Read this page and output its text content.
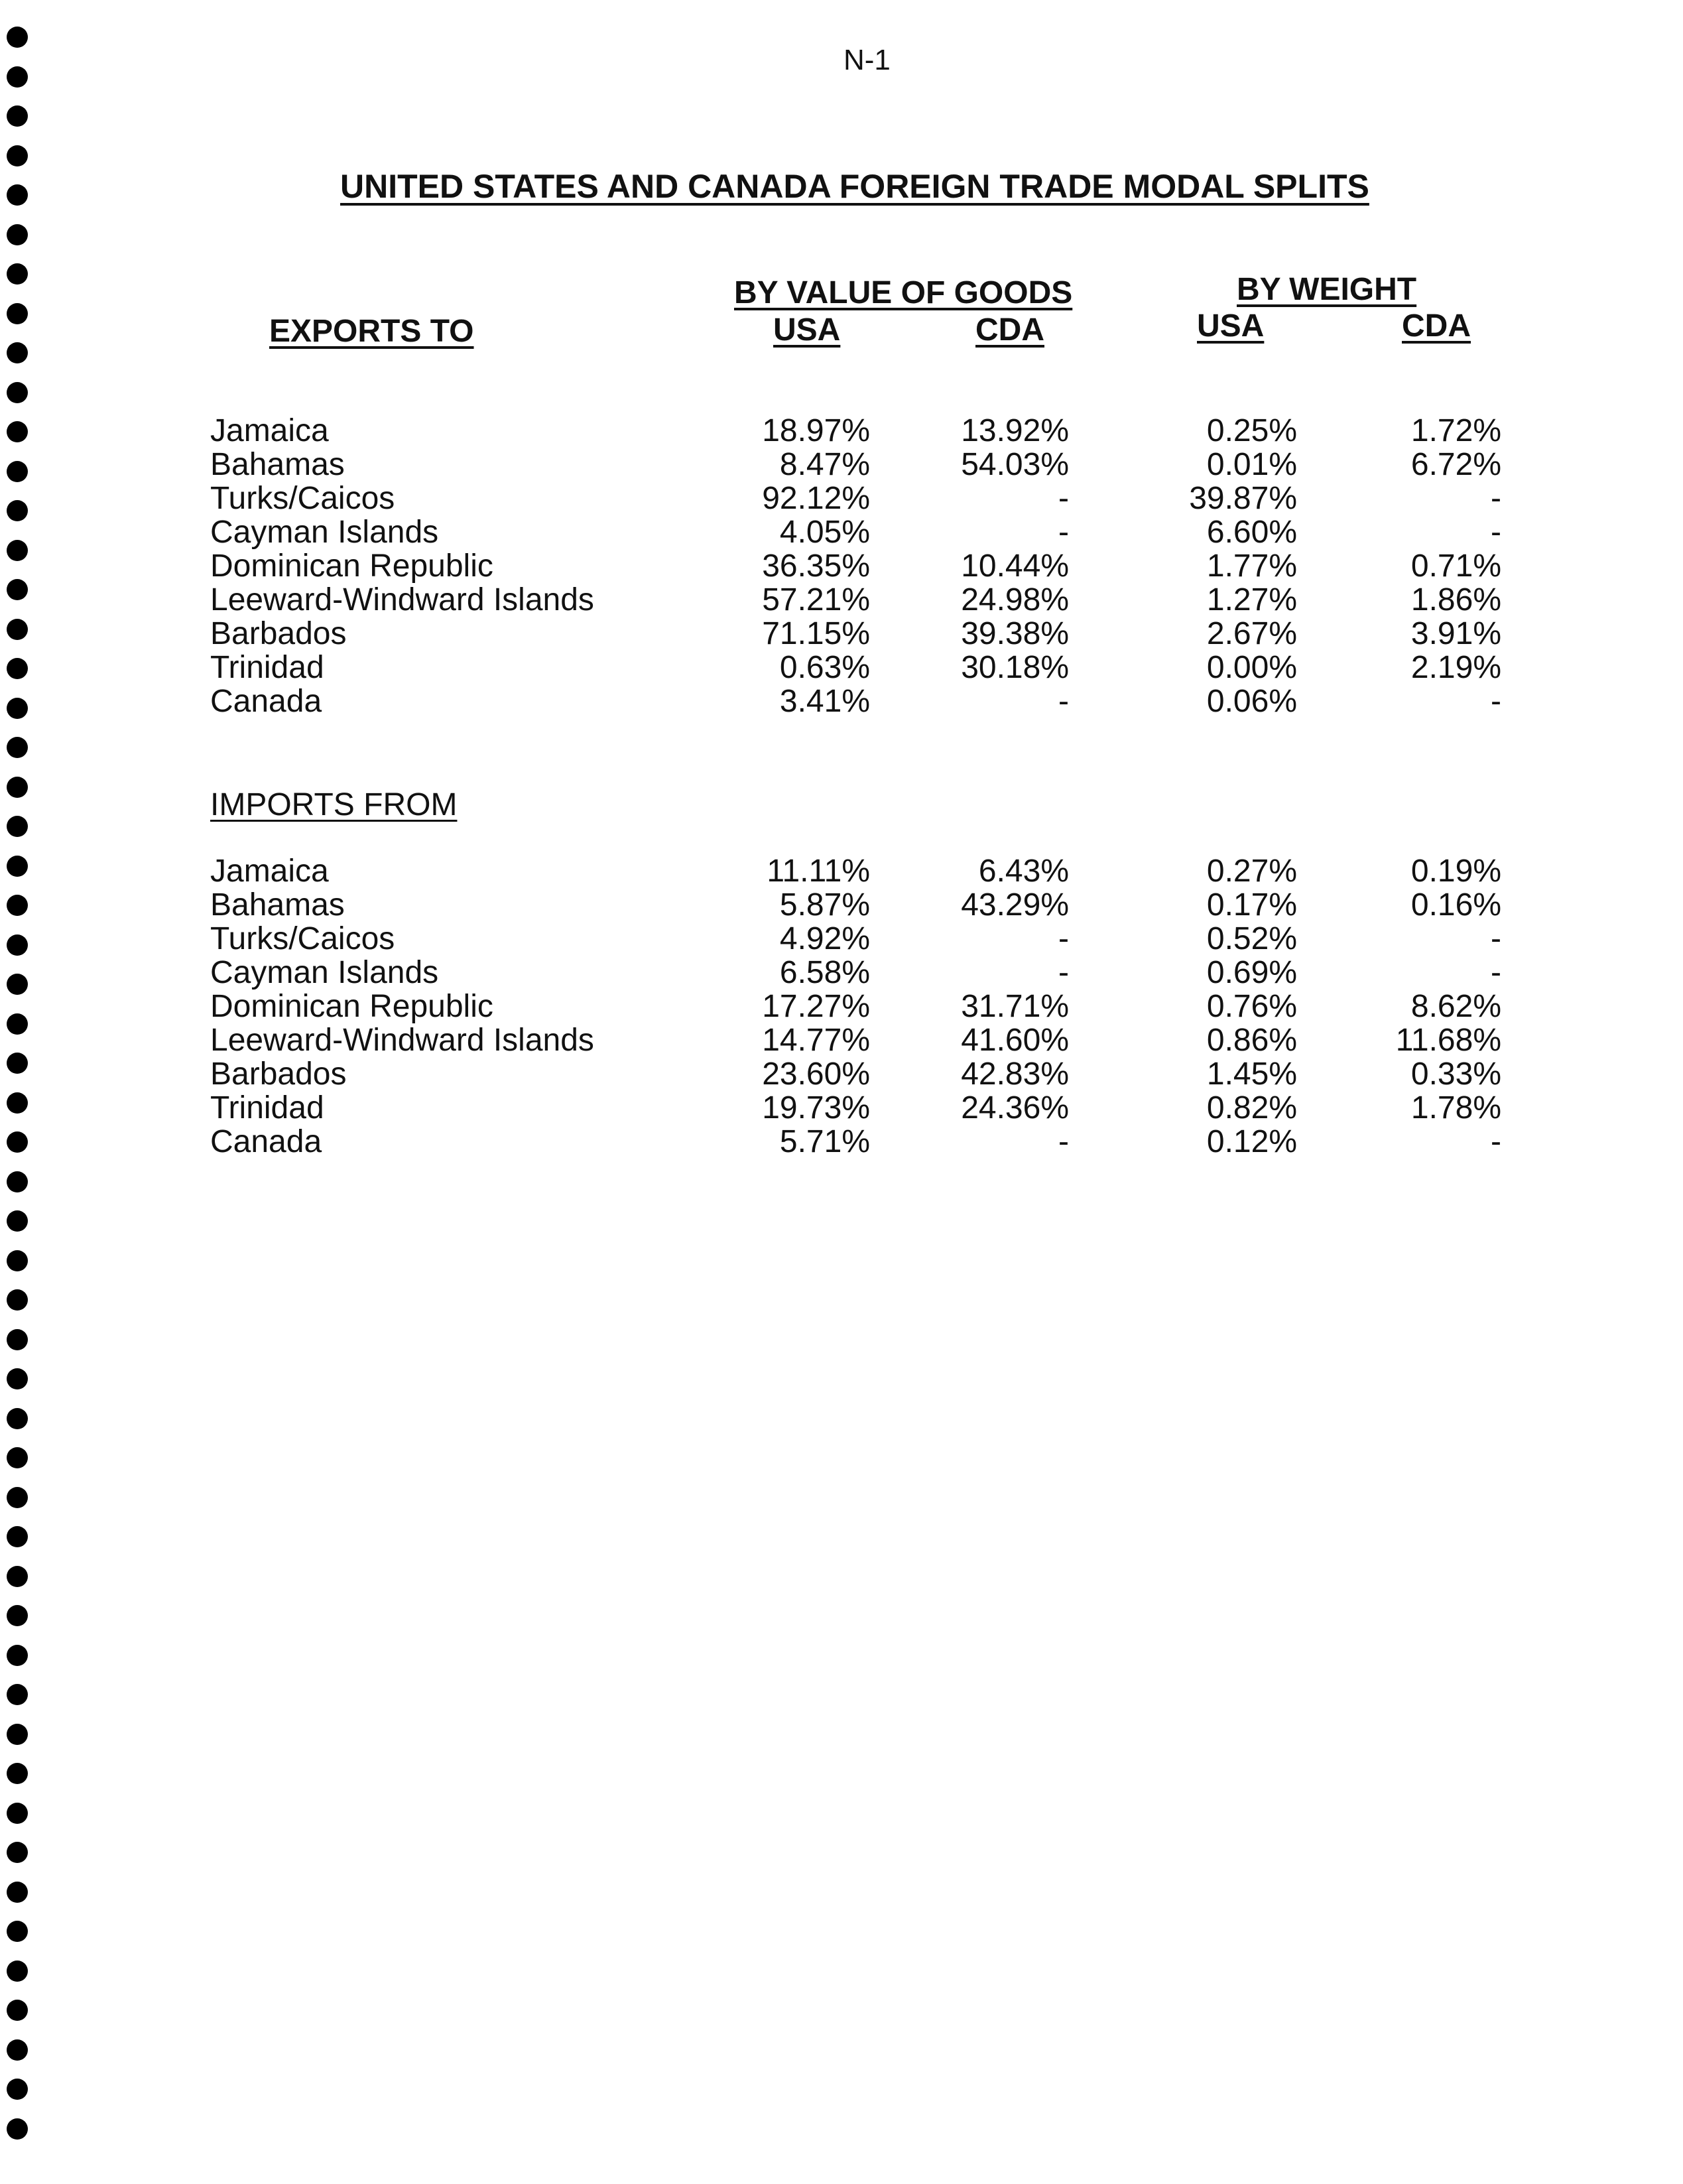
N-1
UNITED STATES AND CANADA FOREIGN TRADE MODAL SPLITS
BY VALUE OF GOODS	BY WEIGHT
EXPORTS TO	USA	CDA	USA	CDA
Jamaica	18.97%	13.92%	0.25%	1.72%
Bahamas	8.47%	54.03%	0.01%	6.72%
Turks/Caicos	92.12%	-	39.87%	-
Cayman Islands	4.05%	-	6.60%	-
Dominican Republic	36.35%	10.44%	1.77%	0.71%
Leeward-Windward Islands	57.21%	24.98%	1.27%	1.86%
Barbados	71.15%	39.38%	2.67%	3.91%
Trinidad	0.63%	30.18%	0.00%	2.19%
Canada	3.41%	-	0.06%	-
IMPORTS FROM
Jamaica	11.11%	6.43%	0.27%	0.19%
Bahamas	5.87%	43.29%	0.17%	0.16%
Turks/Caicos	4.92%	-	0.52%	-
Cayman Islands	6.58%	-	0.69%	-
Dominican Republic	17.27%	31.71%	0.76%	8.62%
Leeward-Windward Islands	14.77%	41.60%	0.86%	11.68%
Barbados	23.60%	42.83%	1.45%	0.33%
Trinidad	19.73%	24.36%	0.82%	1.78%
Canada	5.71%	-	0.12%	-
